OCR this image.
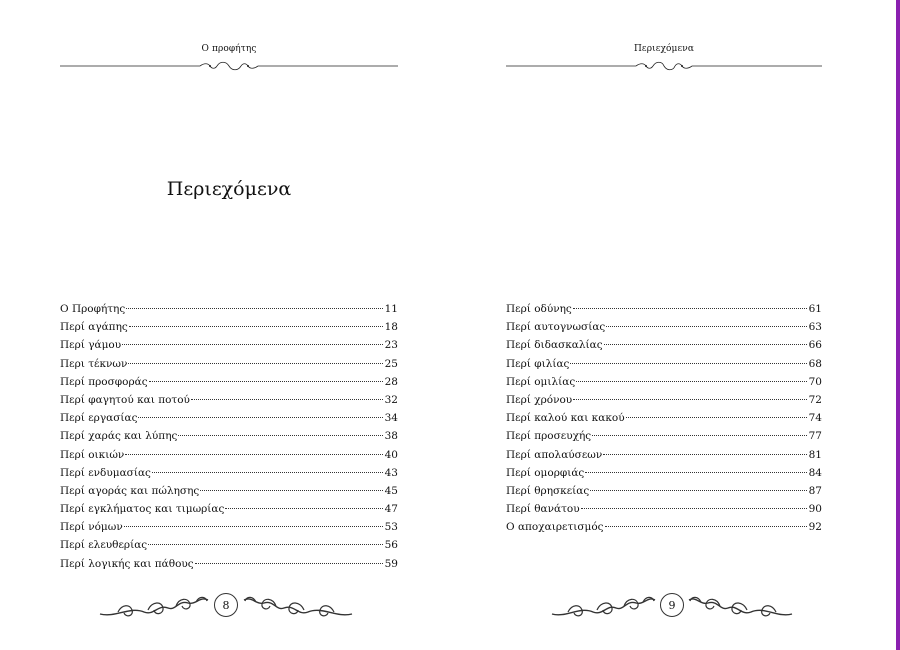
Ο προφήτης
Περιεχόμενα
Ο Προφήτης	11
Περί αγάπης	18
Περί γάμου	23
Περι τέκνων	25
Περί προσφοράς	28
Περί φαγητού και ποτού	32
Περί εργασίας	34
Περί χαράς και λύπης	38
Περί οικιών	40
Περί ενδυμασίας	43
Περί αγοράς και πώλησης	45
Περί εγκλήματος και τιμωρίας	47
Περί νόμων	53
Περί ελευθερίας	56
Περί λογικής και πάθους	59
8
Περιεχόμενα
Περί οδύνης	61
Περί αυτογνωσίας	63
Περί διδασκαλίας	66
Περί φιλίας	68
Περί ομιλίας	70
Περί χρόνου	72
Περί καλού και κακού	74
Περί προσευχής	77
Περί απολαύσεων	81
Περί ομορφιάς	84
Περί θρησκείας	87
Περί θανάτου	90
Ο αποχαιρετισμός	92
9
